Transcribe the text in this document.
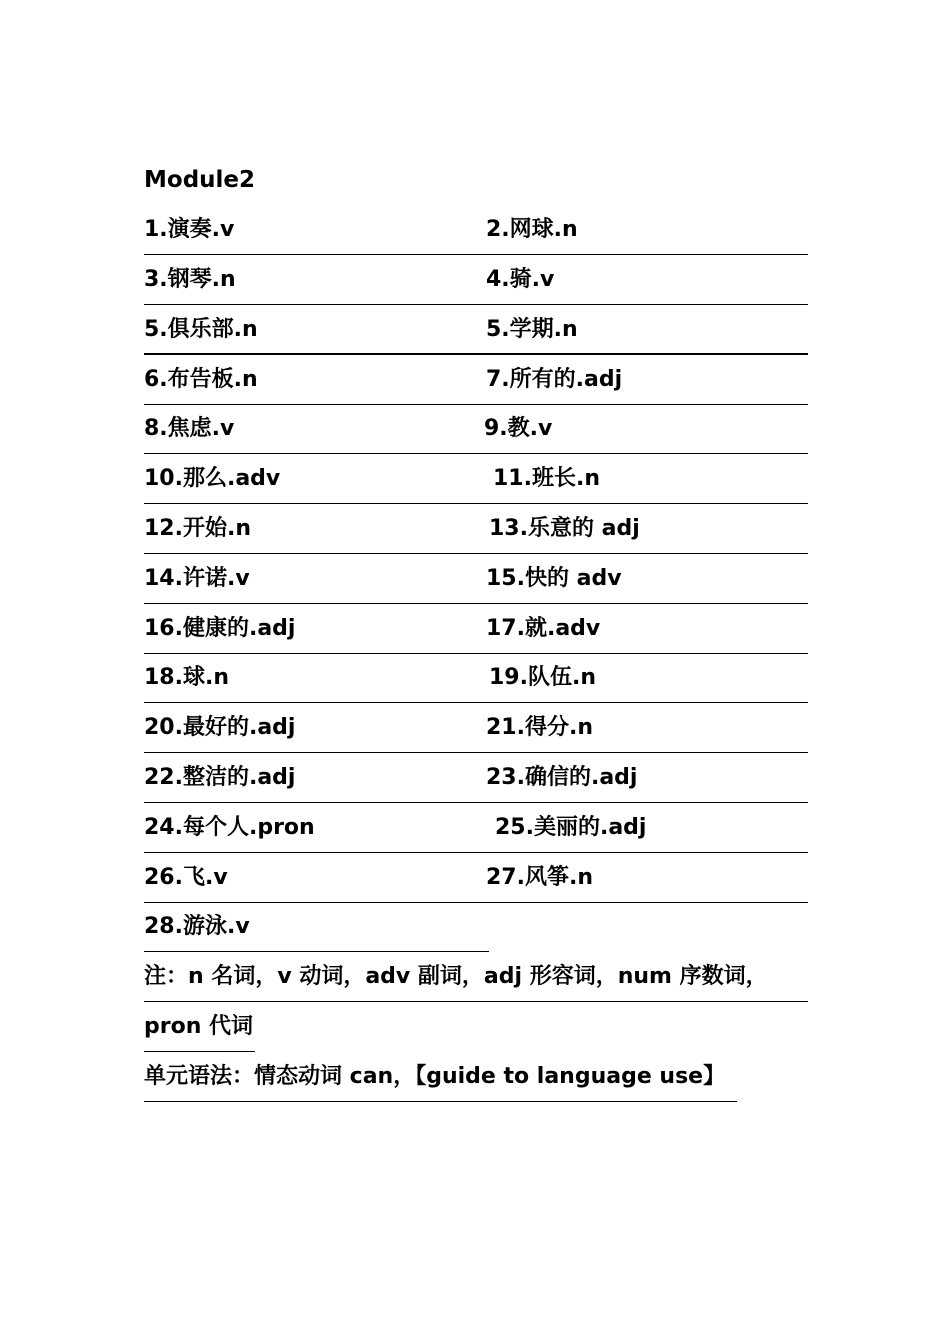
Module2
1.演奏.v	2.网球.n
3.钢琴.n	4.骑.v
5.俱乐部.n	5.学期.n
6.布告板.n	7.所有的.adj
8.焦虑.v	9.教.v
10.那么.adv	11.班长.n
12.开始.n	13.乐意的 adj
14.许诺.v	15.快的 adv
16.健康的.adj	17.就.adv
18.球.n	19.队伍.n
20.最好的.adj	21.得分.n
22.整洁的.adj	23.确信的.adj
24.每个人.pron	25.美丽的.adj
26.飞.v	27.风筝.n
28.游泳.v
注：n 名词，v 动词，adv 副词，adj 形容词，num 序数词，
pron 代词
单元语法：情态动词 can，【guide to language use】
